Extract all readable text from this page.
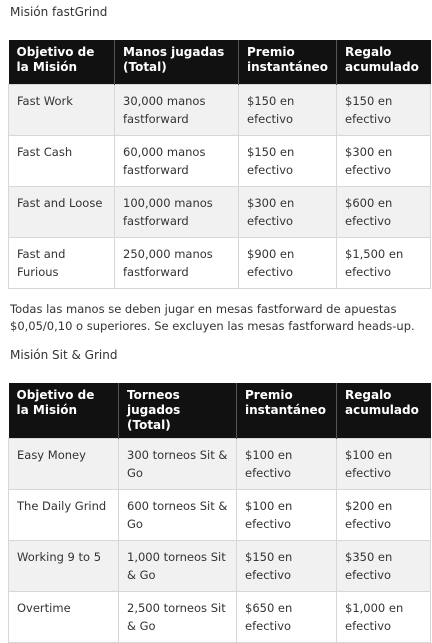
Misión fastGrind
Objetivo de la Misión	Manos jugadas (Total)	Premio instantáneo	Regalo acumulado
Fast Work	30,000 manos fastforward	$150 en efectivo	$150 en efectivo
Fast Cash	60,000 manos fastforward	$150 en efectivo	$300 en efectivo
Fast and Loose	100,000 manos fastforward	$300 en efectivo	$600 en efectivo
Fast and Furious	250,000 manos fastforward	$900 en efectivo	$1,500 en efectivo

Todas las manos se deben jugar en mesas fastforward de apuestas $0,05/0,10 o superiores. Se excluyen las mesas fastforward heads-up.

Misión Sit & Grind
Objetivo de la Misión	Torneos jugados (Total)	Premio instantáneo	Regalo acumulado
Easy Money	300 torneos Sit & Go	$100 en efectivo	$100 en efectivo
The Daily Grind	600 torneos Sit & Go	$100 en efectivo	$200 en efectivo
Working 9 to 5	1,000 torneos Sit & Go	$150 en efectivo	$350 en efectivo
Overtime	2,500 torneos Sit & Go	$650 en efectivo	$1,000 en efectivo
